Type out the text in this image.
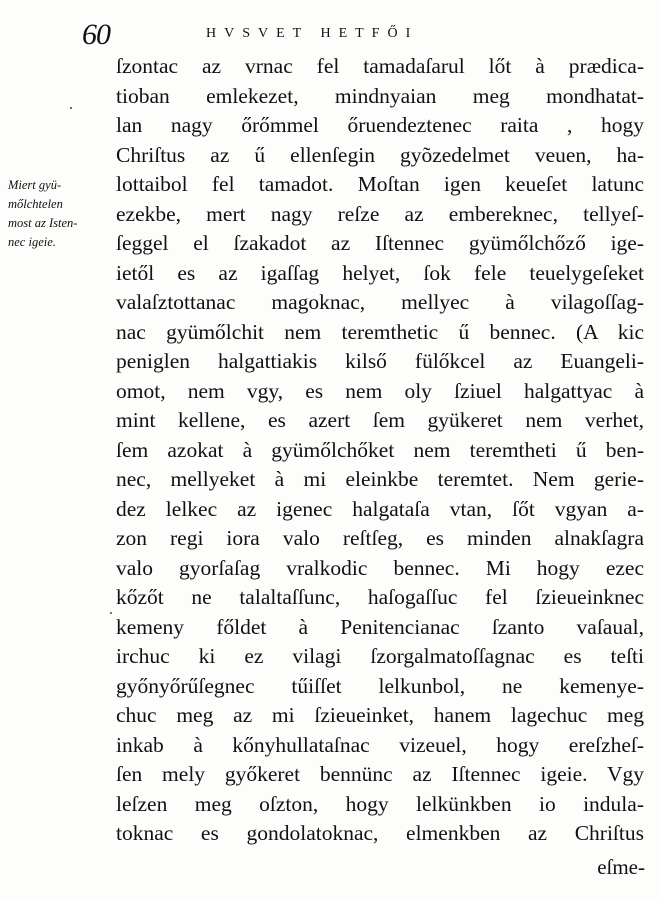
60	HVSVET HETFŐI
Miert gyü-
mőlchtelen
most az Isten-
nec igeie.
ſzontac az vrnac fel tamadaſarul lőt à prædica-
tioban emlekezet, mindnyaian meg mondhatat-
lan nagy őrőmmel őruendeztenec raita , hogy
Chriſtus az ű ellenſegin gyõzedelmet veuen, ha-
lottaibol fel tamadot. Moſtan igen keueſet latunc
ezekbe, mert nagy reſze az embereknec, tellyeſ-
ſeggel el ſzakadot az Iſtennec gyümőlchőző ige-
ietől es az igaſſag helyet, ſok fele teuelygeſeket
valaſztottanac magoknac, mellyec à vilagoſſag-
nac gyümőlchit nem teremthetic ű bennec. (A kic
peniglen halgattiakis kilső fülőkcel az Euangeli-
omot, nem vgy, es nem oly ſziuel halgattyac à
mint kellene, es azert ſem gyükeret nem verhet,
ſem azokat à gyümőlchőket nem teremtheti ű ben-
nec, mellyeket à mi eleinkbe teremtet. Nem gerie-
dez lelkec az igenec halgataſa vtan, ſőt vgyan a-
zon regi iora valo reſtſeg, es minden alnakſagra
valo gyorſaſag vralkodic bennec. Mi hogy ezec
kőzőt ne talaltaſſunc, haſogaſſuc fel ſzieueinknec
kemeny főldet à Penitencianac ſzanto vaſaual,
irchuc ki ez vilagi ſzorgalmatoſſagnac es teſti
győnyőrűſegnec tűiſſet lelkunbol, ne kemenye-
chuc meg az mi ſzieueinket, hanem lagechuc meg
inkab à kőnyhullataſnac vizeuel, hogy ereſzheſ-
ſen mely győkeret bennünc az Iſtennec igeie. Vgy
leſzen meg oſzton, hogy lelkünkben io indula-
toknac es gondolatoknac, elmenkben az Chriſtus
eſme-
